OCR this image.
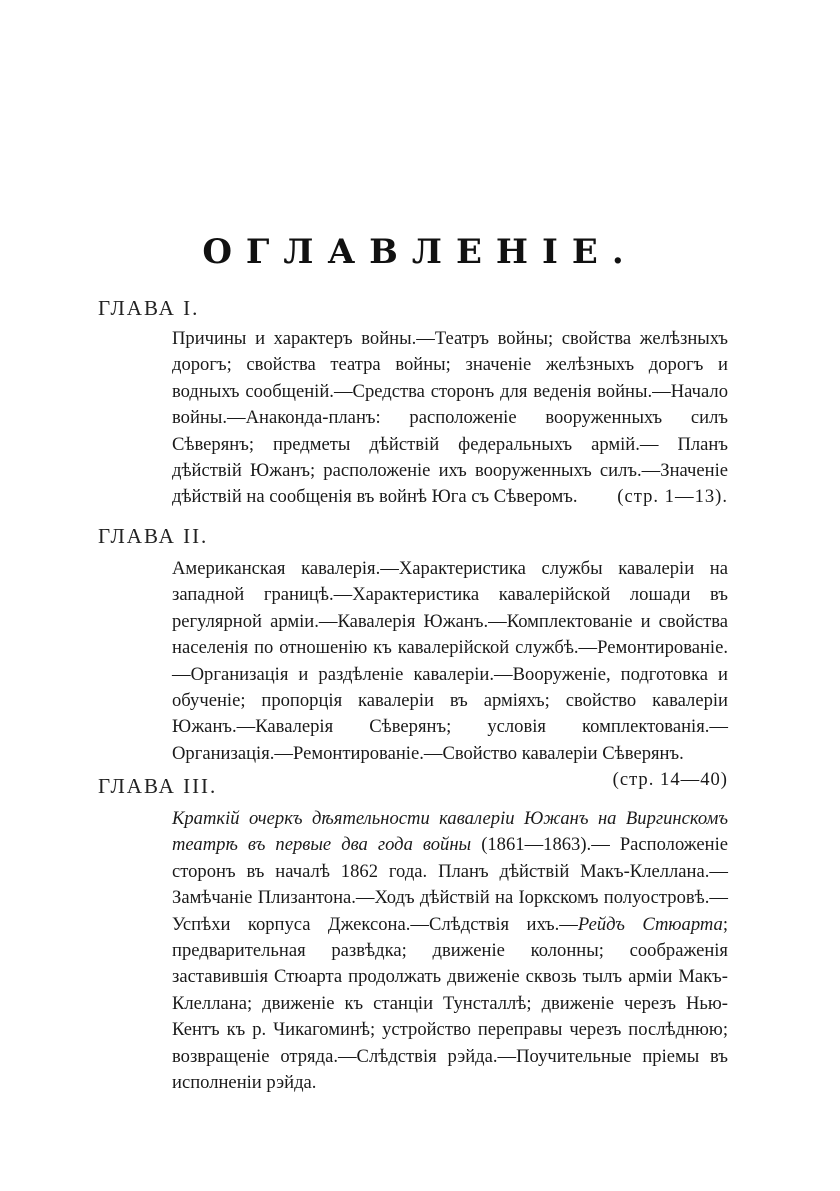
ОГЛАВЛЕНІЕ.
ГЛАВА I.
Причины и характеръ войны.—Театръ войны; свойства желѣзныхъ дорогъ; свойства театра войны; значеніе желѣзныхъ дорогъ и водныхъ сообщеній.—Средства сторонъ для веденія войны.—Начало войны.—Анаконда-планъ: расположеніе вооруженныхъ силъ Сѣверянъ; предметы дѣйствій федеральныхъ армій.— Планъ дѣйствій Южанъ; расположеніе ихъ вооруженныхъ силъ.—Значеніе дѣйствій на сообщенія въ войнѣ Юга съ Сѣверомъ. (стр. 1—13).
ГЛАВА II.
Американская кавалерія.—Характеристика службы кавалеріи на западной границѣ.—Характеристика кавалерійской лошади въ регулярной арміи.—Кавалерія Южанъ.—Комплектованіе и свойства населенія по отношенію къ кавалерійской службѣ.—Ремонтированіе.—Организація и раздѣленіе кавалеріи.—Вооруженіе, подготовка и обученіе; пропорція кавалеріи въ арміяхъ; свойство кавалеріи Южанъ.—Кавалерія Сѣверянъ; условія комплектованія.—Организація.—Ремонтированіе.—Свойство кавалеріи Сѣверянъ.
(стр. 14—40)
ГЛАВА III.
Краткій очеркъ дѣятельности кавалеріи Южанъ на Виргинскомъ театрѣ въ первые два года войны (1861—1863).— Расположеніе сторонъ въ началѣ 1862 года. Планъ дѣйствій Макъ-Клеллана.—Замѣчаніе Плизантона.—Ходъ дѣйствій на Іоркскомъ полуостровѣ.—Успѣхи корпуса Джексона.—Слѣдствія ихъ.—Рейдъ Стюарта; предварительная развѣдка; движеніе колонны; соображенія заставившія Стюарта продолжать движеніе сквозь тылъ арміи Макъ-Клеллана; движеніе къ станціи Тунсталлѣ; движеніе черезъ Нью-Кентъ къ р. Чикагоминѣ; устройство переправы черезъ послѣднюю; возвращеніе отряда.—Слѣдствія рэйда.—Поучительные пріемы въ исполненіи рэйда.
